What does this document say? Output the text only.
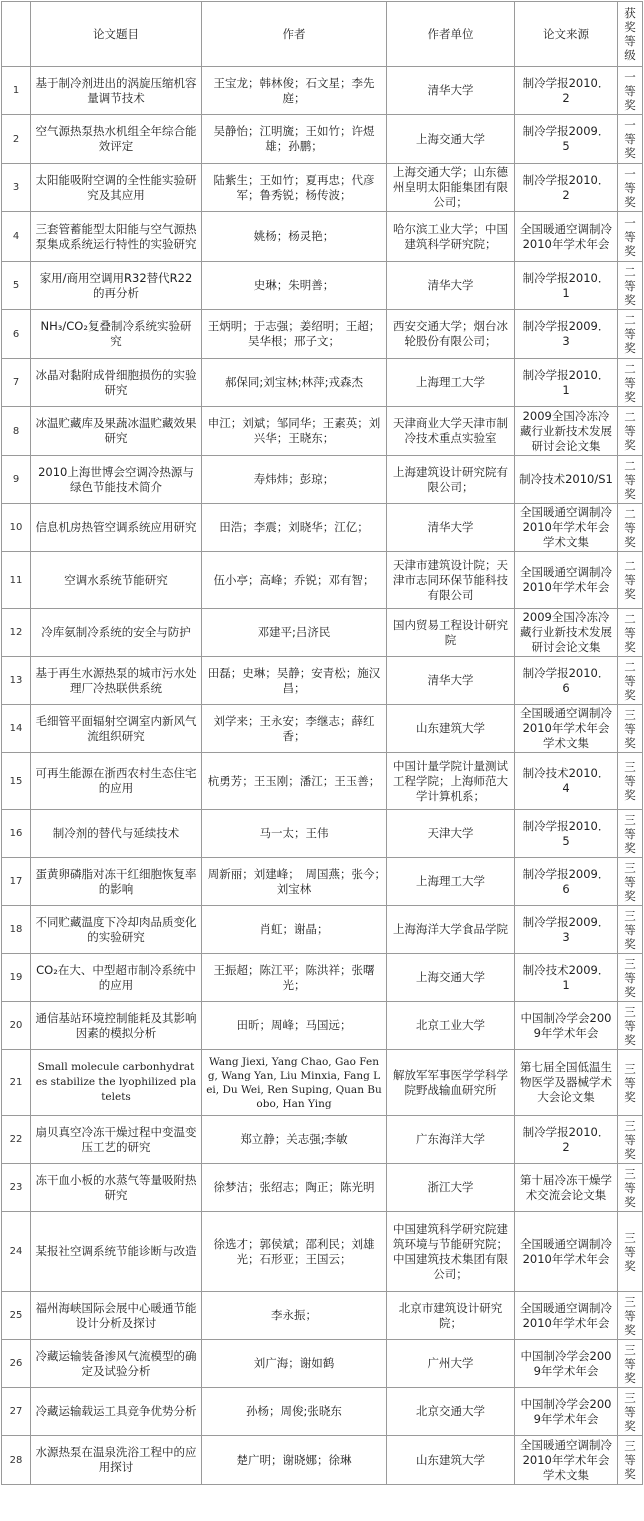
	论文题目	作者	作者单位	论文来源	获奖等级
1	基于制冷剂进出的涡旋压缩机容量调节技术	王宝龙；韩林俊；石文星；李先庭；	清华大学	制冷学报2010．2	一等奖
2	空气源热泵热水机组全年综合能效评定	吴静怡；江明旒；王如竹；许煜雄；孙鹏；	上海交通大学	制冷学报2009．5	一等奖
3	太阳能吸附空调的全性能实验研究及其应用	陆紫生；王如竹；夏再忠；代彦军；鲁秀锐；杨传波；	上海交通大学；山东德州皇明太阳能集团有限公司；	制冷学报2010．2	一等奖
4	三套管蓄能型太阳能与空气源热泵集成系统运行特性的实验研究	姚杨；杨灵艳；	哈尔滨工业大学；中国建筑科学研究院；	全国暖通空调制冷2010年学术年会	一等奖
5	家用/商用空调用R32替代R22的再分析	史琳；朱明善；	清华大学	制冷学报2010．1	二等奖
6	NH₃/CO₂复叠制冷系统实验研究	王炳明；于志强；姜绍明；王超；吴华根；邢子文；	西安交通大学；烟台冰轮股份有限公司；	制冷学报2009．3	二等奖
7	冰晶对黏附成骨细胞损伤的实验研究	郝保同;刘宝林;林萍;戎森杰	上海理工大学	制冷学报2010．1	二等奖
8	冰温贮藏库及果蔬冰温贮藏效果研究	申江；刘斌；邹同华；王素英；刘兴华；王晓东；	天津商业大学天津市制冷技术重点实验室	2009全国冷冻冷藏行业新技术发展研讨会论文集	二等奖
9	2010上海世博会空调冷热源与绿色节能技术简介	寿炜炜；彭琼；	上海建筑设计研究院有限公司；	制冷技术2010/S1	二等奖
10	信息机房热管空调系统应用研究	田浩；李震；刘晓华；江亿；	清华大学	全国暖通空调制冷2010年学术年会学术文集	二等奖
11	空调水系统节能研究	伍小亭；高峰；乔锐；邓有智；	天津市建筑设计院；天津市志同环保节能科技有限公司	全国暖通空调制冷2010年学术年会	二等奖
12	冷库氨制冷系统的安全与防护	邓建平;吕济民	国内贸易工程设计研究院	2009全国冷冻冷藏行业新技术发展研讨会论文集	二等奖
13	基于再生水源热泵的城市污水处理厂冷热联供系统	田磊；史琳；吴静；安青松；施汉昌；	清华大学	制冷学报2010．6	二等奖
14	毛细管平面辐射空调室内新风气流组织研究	刘学来；王永安；李继志；薛红香；	山东建筑大学	全国暖通空调制冷2010年学术年会学术文集	三等奖
15	可再生能源在浙西农村生态住宅的应用	杭勇芳；王玉刚；潘江；王玉善；	中国计量学院计量测试工程学院；上海师范大学计算机系；	制冷技术2010．4	三等奖
16	制冷剂的替代与延续技术	马一太；王伟	天津大学	制冷学报2010．5	三等奖
17	蛋黄卵磷脂对冻干红细胞恢复率的影响	周新丽；刘建峰；　周国燕；张今；　刘宝林	上海理工大学	制冷学报2009．6	三等奖
18	不同贮藏温度下冷却肉品质变化的实验研究	肖虹；谢晶；	上海海洋大学食品学院	制冷学报2009．3	三等奖
19	CO₂在大、中型超市制冷系统中的应用	王振超；陈江平；陈洪祥；张曙光；	上海交通大学	制冷技术2009．1	三等奖
20	通信基站环境控制能耗及其影响因素的模拟分析	田昕；周峰；马国远；	北京工业大学	中国制冷学会2009年学术年会	三等奖
21	Small molecule carbonhydrates stabilize the lyophilized platelets	Wang Jiexi, Yang Chao, Gao Feng, Wang Yan, Liu Minxia, Fang Lei, Du Wei, Ren Suping, Quan Buobo, Han Ying	解放军军事医学学科学院野战输血研究所	第七届全国低温生物医学及器械学术大会论文集	三等奖
22	扇贝真空冷冻干燥过程中变温变压工艺的研究	郑立静；关志强;李敏	广东海洋大学	制冷学报2010．2	三等奖
23	冻干血小板的水蒸气等量吸附热研究	徐梦洁；张绍志；陶正；陈光明	浙江大学	第十届冷冻干燥学术交流会论文集	三等奖
24	某报社空调系统节能诊断与改造	徐选才；郭侯斌；邵利民；刘雄光；石形亚；王国云；	中国建筑科学研究院建筑环境与节能研究院；中国建筑技术集团有限公司；	全国暖通空调制冷2010年学术年会	三等奖
25	福州海峡国际会展中心暖通节能设计分析及探讨	李永振；	北京市建筑设计研究院；	全国暖通空调制冷2010年学术年会	三等奖
26	冷藏运输装备渗风气流模型的确定及试验分析	刘广海；谢如鹤	广州大学	中国制冷学会2009年学术年会	三等奖
27	冷藏运输载运工具竞争优势分析	孙杨；周俊;张晓东	北京交通大学	中国制冷学会2009年学术年会	三等奖
28	水源热泵在温泉洗浴工程中的应用探讨	楚广明；谢晓娜；徐琳	山东建筑大学	全国暖通空调制冷2010年学术年会学术文集	三等奖
